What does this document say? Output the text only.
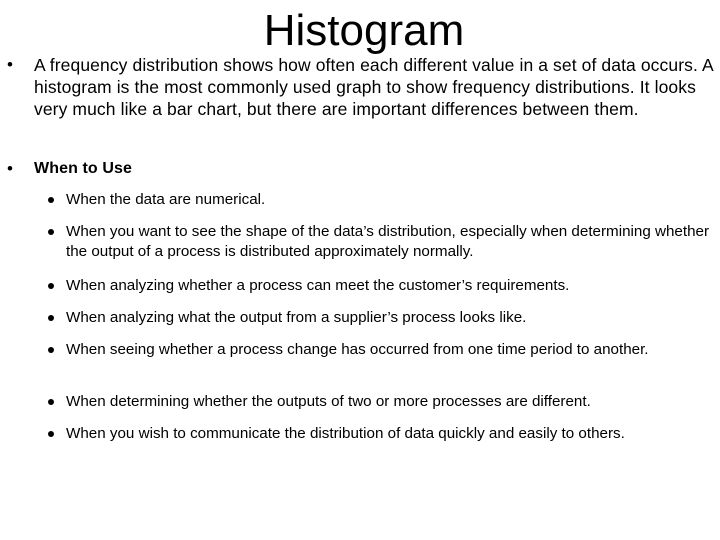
Histogram
• A frequency distribution shows how often each different value in a set of data occurs. A histogram is the most commonly used graph to show frequency distributions. It looks very much like a bar chart, but there are important differences between them.
• When to Use
When the data are numerical.
When you want to see the shape of the data’s distribution, especially when determining whether the output of a process is distributed approximately normally.
When analyzing whether a process can meet the customer’s requirements.
When analyzing what the output from a supplier’s process looks like.
When seeing whether a process change has occurred from one time period to another.
When determining whether the outputs of two or more processes are different.
When you wish to communicate the distribution of data quickly and easily to others.
